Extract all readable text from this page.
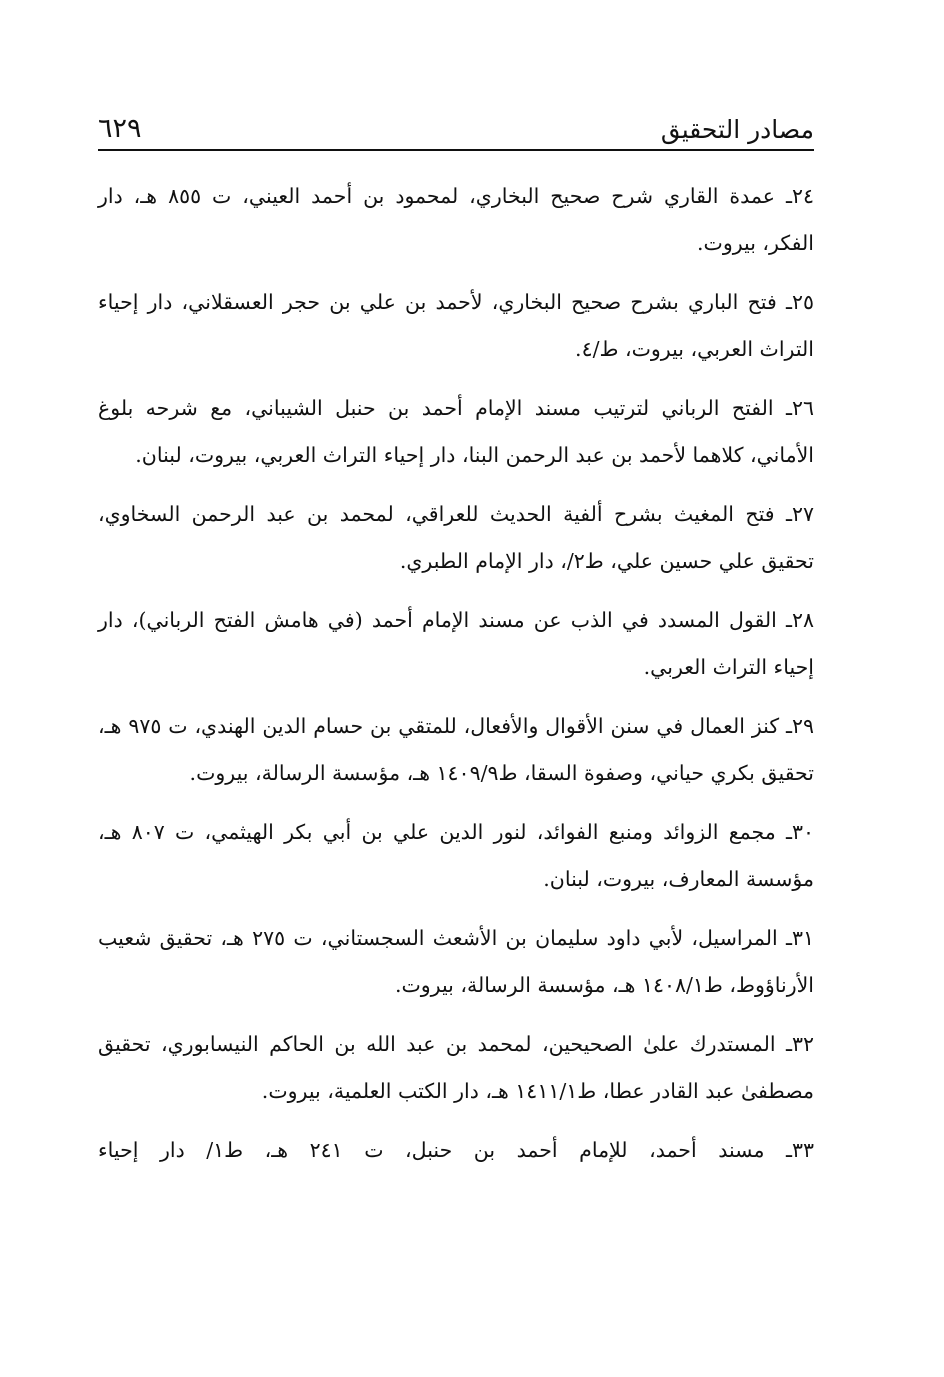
مصادر التحقيق
٦٢٩

٢٤ـ عمدة القاري شرح صحيح البخاري، لمحمود بن أحمد العيني، ت ٨٥٥ هـ، دار الفكر، بيروت.

٢٥ـ فتح الباري بشرح صحيح البخاري، لأحمد بن علي بن حجر العسقلاني، دار إحياء التراث العربي، بيروت، ط/٤.

٢٦ـ الفتح الرباني لترتيب مسند الإمام أحمد بن حنبل الشيباني، مع شرحه بلوغ الأماني، كلاهما لأحمد بن عبد الرحمن البنا، دار إحياء التراث العربي، بيروت، لبنان.

٢٧ـ فتح المغيث بشرح ألفية الحديث للعراقي، لمحمد بن عبد الرحمن السخاوي، تحقيق علي حسين علي، ط٢/، دار الإمام الطبري.

٢٨ـ القول المسدد في الذب عن مسند الإمام أحمد (في هامش الفتح الرباني)، دار إحياء التراث العربي.

٢٩ـ كنز العمال في سنن الأقوال والأفعال، للمتقي بن حسام الدين الهندي، ت ٩٧٥ هـ، تحقيق بكري حياني، وصفوة السقا، ط١٤٠٩/٩ هـ، مؤسسة الرسالة، بيروت.

٣٠ـ مجمع الزوائد ومنبع الفوائد، لنور الدين علي بن أبي بكر الهيثمي، ت ٨٠٧ هـ، مؤسسة المعارف، بيروت، لبنان.

٣١ـ المراسيل، لأبي داود سليمان بن الأشعث السجستاني، ت ٢٧٥ هـ، تحقيق شعيب الأرناؤوط، ط١٤٠٨/١ هـ، مؤسسة الرسالة، بيروت.

٣٢ـ المستدرك علىٰ الصحيحين، لمحمد بن عبد الله بن الحاكم النيسابوري، تحقيق مصطفىٰ عبد القادر عطا، ط١٤١١/١ هـ، دار الكتب العلمية، بيروت.

٣٣ـ مسند أحمد، للإمام أحمد بن حنبل، ت ٢٤١ هـ، ط١/ دار إحياء
